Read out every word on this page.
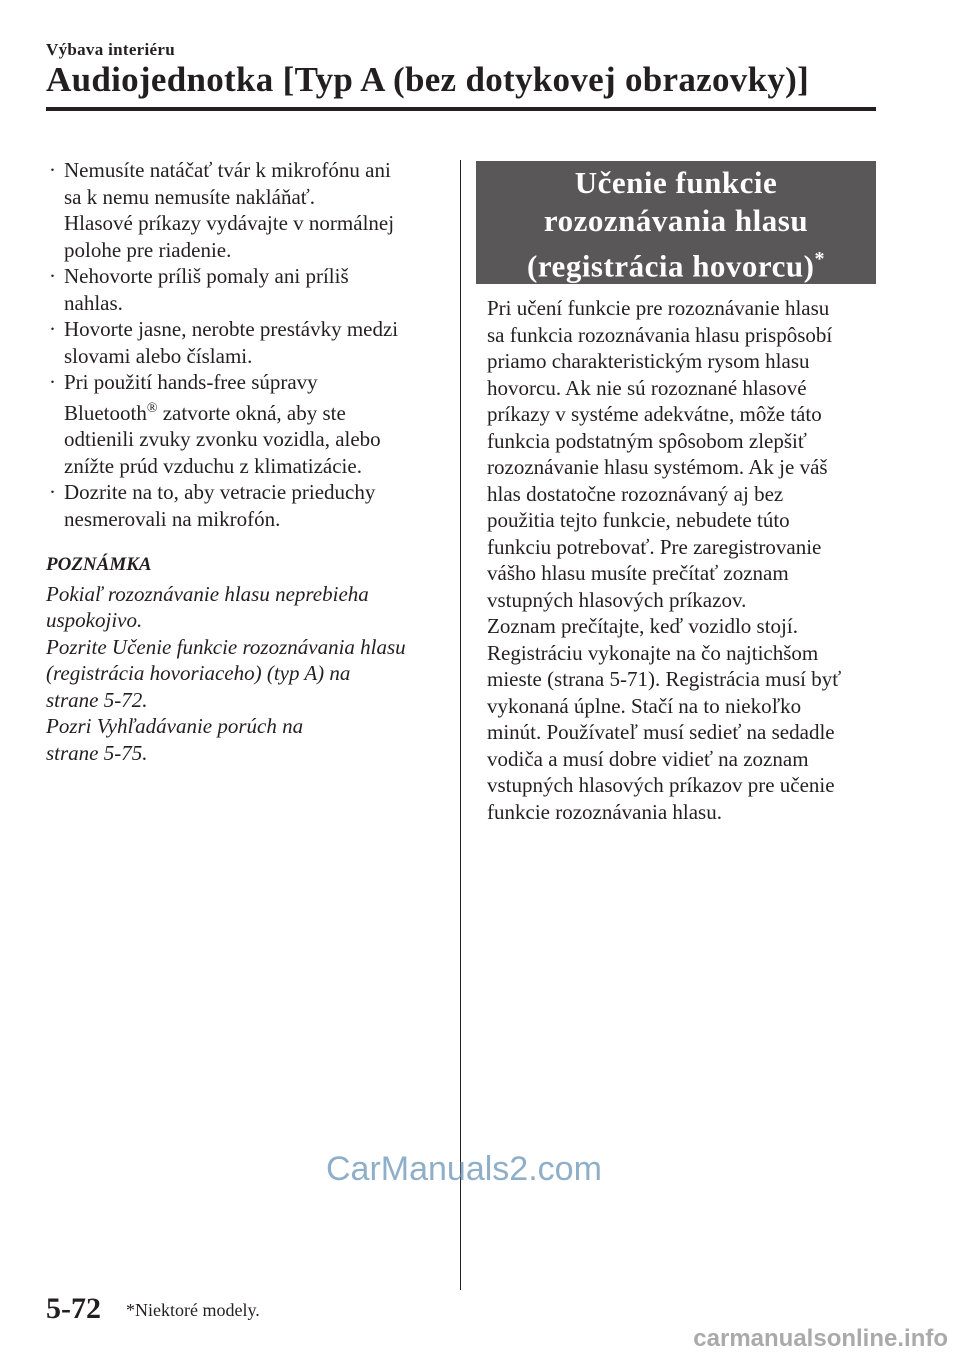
Výbava interiéru
Audiojednotka [Typ A (bez dotykovej obrazovky)]
· Nemusíte natáčať tvár k mikrofónu ani
sa k nemu nemusíte nakláňať.
Hlasové príkazy vydávajte v normálnej
polohe pre riadenie.
· Nehovorte príliš pomaly ani príliš
nahlas.
· Hovorte jasne, nerobte prestávky medzi
slovami alebo číslami.
· Pri použití hands-free súpravy
Bluetooth® zatvorte okná, aby ste
odtienili zvuky zvonku vozidla, alebo
znížte prúd vzduchu z klimatizácie.
· Dozrite na to, aby vetracie prieduchy
nesmerovali na mikrofón.
POZNÁMKA
Pokiaľ rozoznávanie hlasu neprebieha
uspokojivo.
Pozrite Učenie funkcie rozoznávania hlasu
(registrácia hovoriaceho) (typ A) na
strane 5-72.
Pozri Vyhľadávanie porúch na
strane 5-75.
Učenie funkcie
rozoznávania hlasu
(registrácia hovorcu)*
Pri učení funkcie pre rozoznávanie hlasu
sa funkcia rozoznávania hlasu prispôsobí
priamo charakteristickým rysom hlasu
hovorcu. Ak nie sú rozoznané hlasové
príkazy v systéme adekvátne, môže táto
funkcia podstatným spôsobom zlepšiť
rozoznávanie hlasu systémom. Ak je váš
hlas dostatočne rozoznávaný aj bez
použitia tejto funkcie, nebudete túto
funkciu potrebovať. Pre zaregistrovanie
vášho hlasu musíte prečítať zoznam
vstupných hlasových príkazov.
Zoznam prečítajte, keď vozidlo stojí.
Registráciu vykonajte na čo najtichšom
mieste (strana 5-71). Registrácia musí byť
vykonaná úplne. Stačí na to niekoľko
minút. Používateľ musí sedieť na sedadle
vodiča a musí dobre vidieť na zoznam
vstupných hlasových príkazov pre učenie
funkcie rozoznávania hlasu.
5-72 *Niektoré modely.
CarManuals2.com
carmanualsonline.info
